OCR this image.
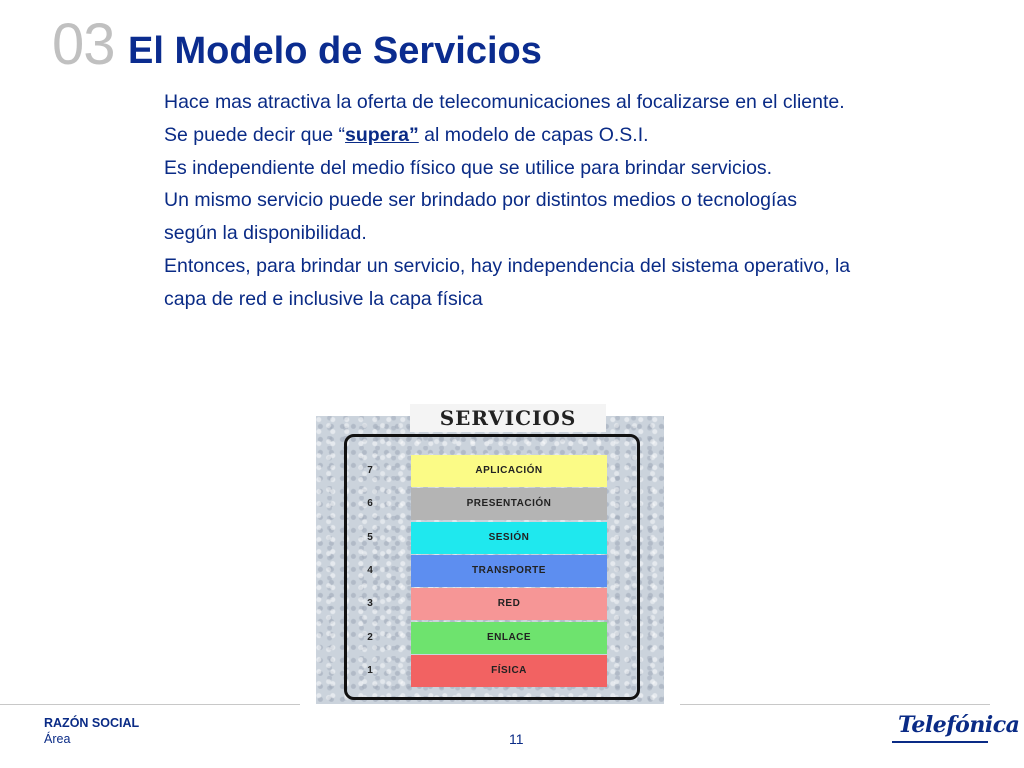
03 El Modelo de Servicios

Hace mas atractiva la oferta de telecomunicaciones al focalizarse en el cliente.

Se puede decir que “supera” al modelo de capas O.S.I.

Es independiente del medio físico que se utilice para brindar servicios.

Un mismo servicio puede ser brindado por distintos medios o tecnologías

según la disponibilidad.

Entonces, para brindar un servicio, hay independencia del sistema operativo, la

capa de red e inclusive la capa física

SERVICIOS
7	APLICACIÓN
6	PRESENTACIÓN
5	SESIÓN
4	TRANSPORTE
3	RED
2	ENLACE
1	FÍSICA
RAZÓN SOCIAL
Área	11
Telefónica
